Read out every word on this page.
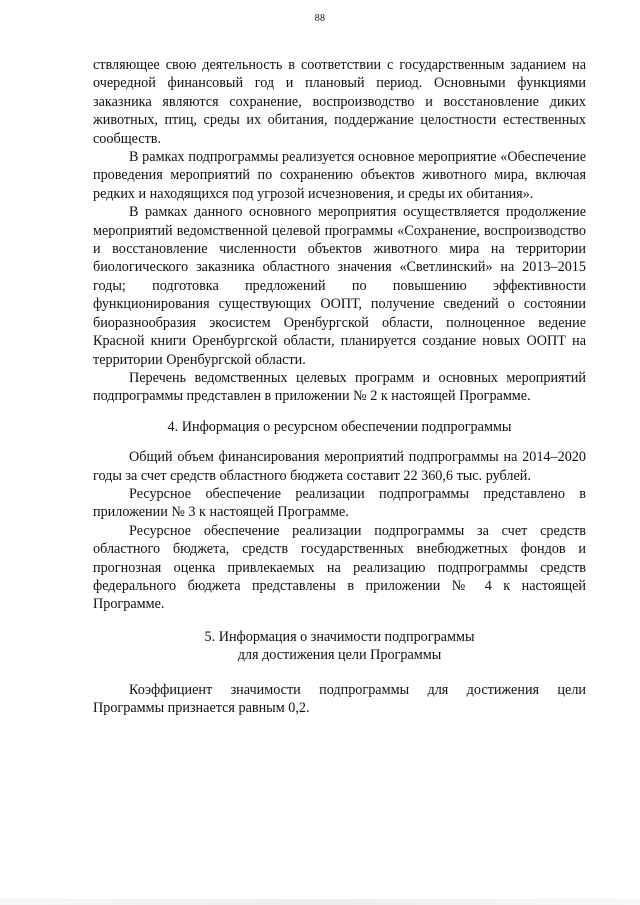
88

ствляющее свою деятельность в соответствии с государственным заданием на очередной финансовый год и плановый период. Основными функциями заказника являются сохранение, воспроизводство и восстановление диких животных, птиц, среды их обитания, поддержание целостности естественных сообществ.

В рамках подпрограммы реализуется основное мероприятие «Обеспечение проведения мероприятий по сохранению объектов животного мира, включая редких и находящихся под угрозой исчезновения, и среды их обитания».

В рамках данного основного мероприятия осуществляется продолжение мероприятий ведомственной целевой программы «Сохранение, воспроизводство и восстановление численности объектов животного мира на территории биологического заказника областного значения «Светлинский» на 2013–2015 годы; подготовка предложений по повышению эффективности функционирования существующих ООПТ, получение сведений о состоянии биоразнообразия экосистем Оренбургской области, полноценное ведение Красной книги Оренбургской области, планируется создание новых ООПТ на территории Оренбургской области.

Перечень ведомственных целевых программ и основных мероприятий подпрограммы представлен в приложении № 2 к настоящей Программе.

4. Информация о ресурсном обеспечении подпрограммы

Общий объем финансирования мероприятий подпрограммы на 2014–2020 годы за счет средств областного бюджета составит 22 360,6 тыс. рублей.

Ресурсное обеспечение реализации подпрограммы представлено в приложении № 3 к настоящей Программе.

Ресурсное обеспечение реализации подпрограммы за счет средств областного бюджета, средств государственных внебюджетных фондов и прогнозная оценка привлекаемых на реализацию подпрограммы средств федерального бюджета представлены в приложении № 4 к настоящей Программе.

5. Информация о значимости подпрограммы

для достижения цели Программы

Коэффициент значимости подпрограммы для достижения цели Программы признается равным 0,2.
